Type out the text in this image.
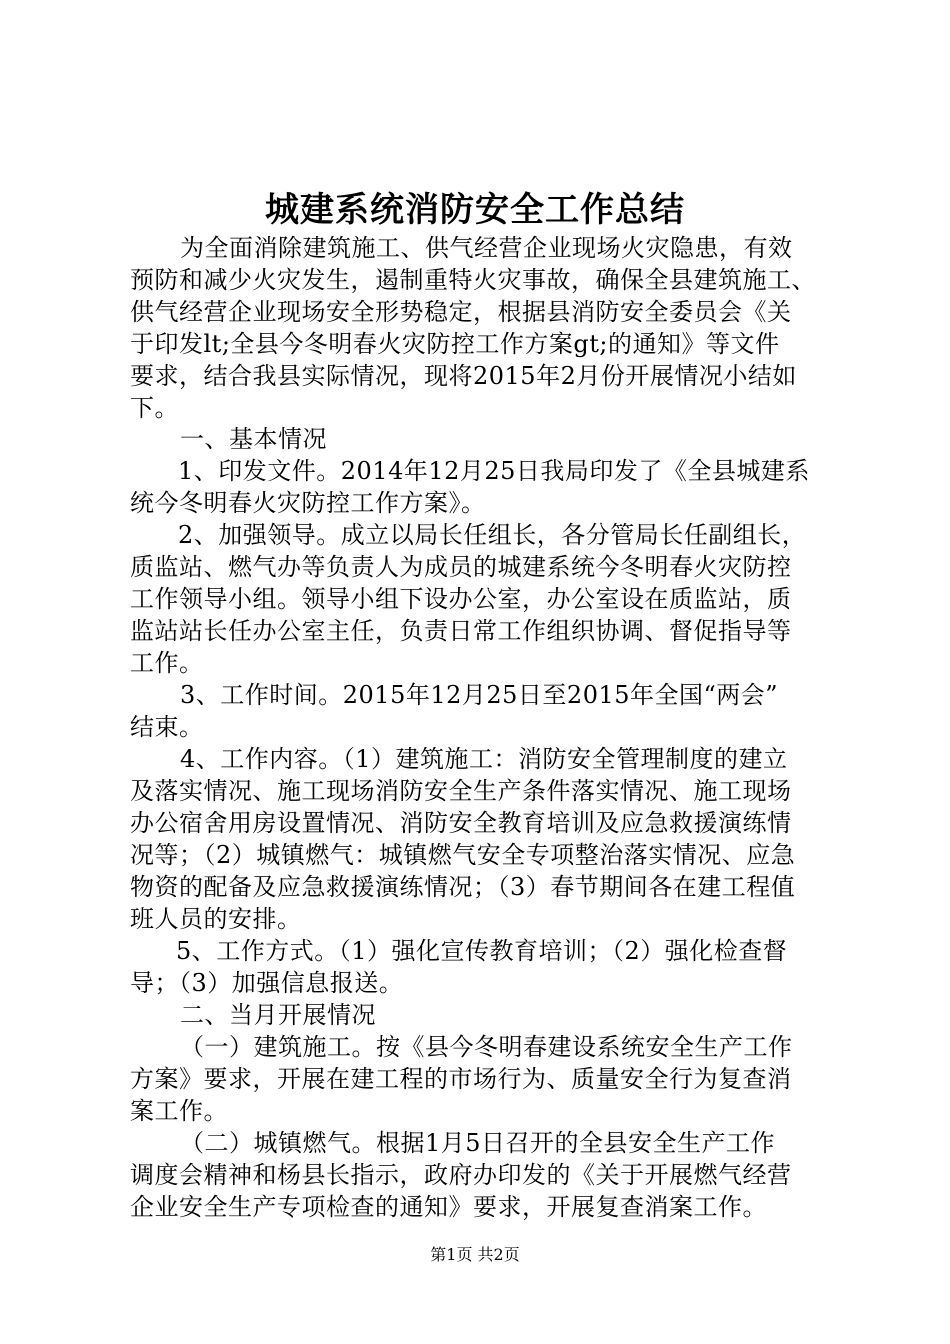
城建系统消防安全工作总结
为全面消除建筑施工、供气经营企业现场火灾隐患，有效
预防和减少火灾发生，遏制重特火灾事故，确保全县建筑施工、
供气经营企业现场安全形势稳定，根据县消防安全委员会《关
于印发lt;全县今冬明春火灾防控工作方案gt;的通知》等文件
要求，结合我县实际情况，现将2015年2月份开展情况小结如
下。
一、基本情况
1、印发文件。2014年12月25日我局印发了《全县城建系
统今冬明春火灾防控工作方案》。
2、加强领导。成立以局长任组长，各分管局长任副组长，
质监站、燃气办等负责人为成员的城建系统今冬明春火灾防控
工作领导小组。领导小组下设办公室，办公室设在质监站，质
监站站长任办公室主任，负责日常工作组织协调、督促指导等
工作。
3、工作时间。2015年12月25日至2015年全国“两会”
结束。
4、工作内容。（1）建筑施工：消防安全管理制度的建立
及落实情况、施工现场消防安全生产条件落实情况、施工现场
办公宿舍用房设置情况、消防安全教育培训及应急救援演练情
况等；（2）城镇燃气：城镇燃气安全专项整治落实情况、应急
物资的配备及应急救援演练情况；（3）春节期间各在建工程值
班人员的安排。
5、工作方式。（1）强化宣传教育培训；（2）强化检查督
导；（3）加强信息报送。
二、当月开展情况
（一）建筑施工。按《县今冬明春建设系统安全生产工作
方案》要求，开展在建工程的市场行为、质量安全行为复查消
案工作。
（二）城镇燃气。根据1月5日召开的全县安全生产工作
调度会精神和杨县长指示，政府办印发的《关于开展燃气经营
企业安全生产专项检查的通知》要求，开展复查消案工作。
第1页 共2页
